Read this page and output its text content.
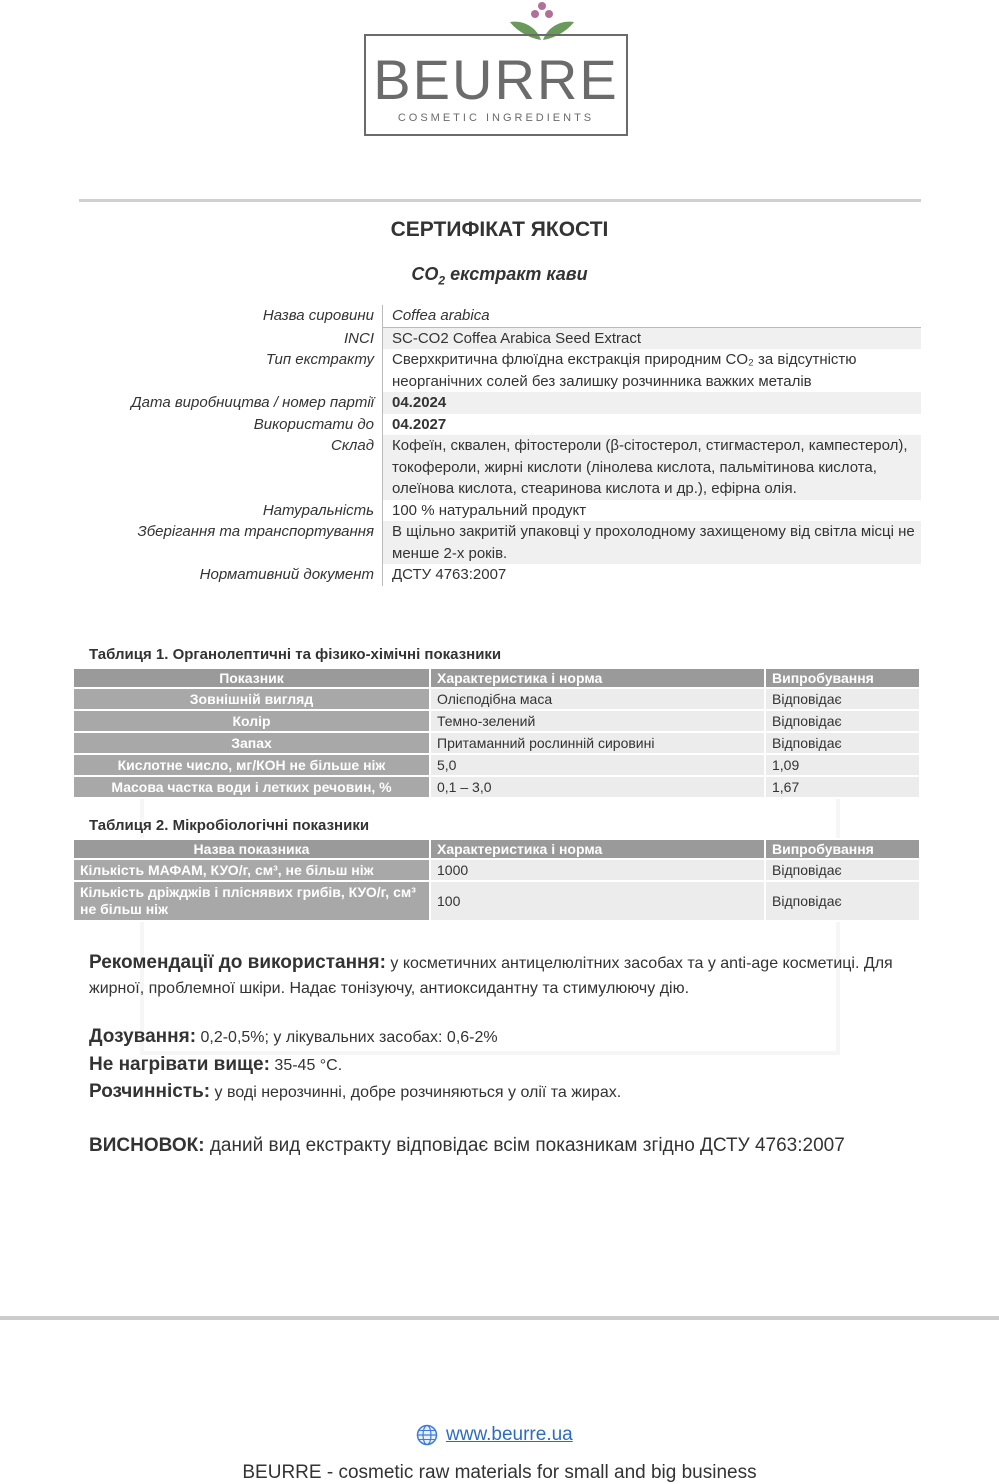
BEURRE
COSMETIC INGREDIENTS
СЕРТИФІКАТ ЯКОСТІ
$CO_2$ екстракт кави
Назва сировини	Coffea arabica
INCI	SC-CO2 Coffea Arabica Seed Extract
Тип екстракту	Сверхкритична флюїдна екстракція природним CO₂ за відсутністю неорганічних солей без залишку розчинника важких металів
Дата виробництва / номер партії	04.2024
Використати до	04.2027
Склад	Кофеїн, сквален, фітостероли (β-сітостерол, стигмастерол, кампестерол), токофероли, жирні кислоти (лінолева кислота, пальмітинова кислота, олеїнова кислота, стеаринова кислота и др.), ефірна олія.
Натуральність	100 % натуральний продукт
Зберігання та транспортування	В щільно закритій упаковці у прохолодному захищеному від світла місці не менше 2-х років.
Нормативний документ	ДСТУ 4763:2007
Таблиця 1. Органолептичні та фізико-хімічні показники
Показник	Характеристика і норма	Випробування
Зовнішній вигляд	Олієподібна маса	Відповідає
Колір	Темно-зелений	Відповідає
Запах	Притаманний рослинній сировині	Відповідає
Кислотне число, мг/КОН не більше ніж	5,0	1,09
Масова частка води і летких речовин, %	0,1 – 3,0	1,67
Таблиця 2. Мікробіологічні показники
Назва показника	Характеристика і норма	Випробування
Кількість МАФАМ, КУО/г, см³, не більш ніж	1000	Відповідає
Кількість дріжджів і пліснявих грибів, КУО/г, см³ не більш ніж	100	Відповідає
Рекомендації до використання: у косметичних антицелюлітних засобах та у anti-age косметиці. Для жирної, проблемної шкіри. Надає тонізуючу, антиоксидантну та стимулюючу дію.
Дозування: 0,2-0,5%; у лікувальних засобах: 0,6-2%
Не нагрівати вище: 35-45 °С.
Розчинність: у воді нерозчинні, добре розчиняються у олії та жирах.
ВИСНОВОК: даний вид екстракту відповідає всім показникам згідно ДСТУ 4763:2007
www.beurre.ua
BEURRE - cosmetic raw materials for small and big business
